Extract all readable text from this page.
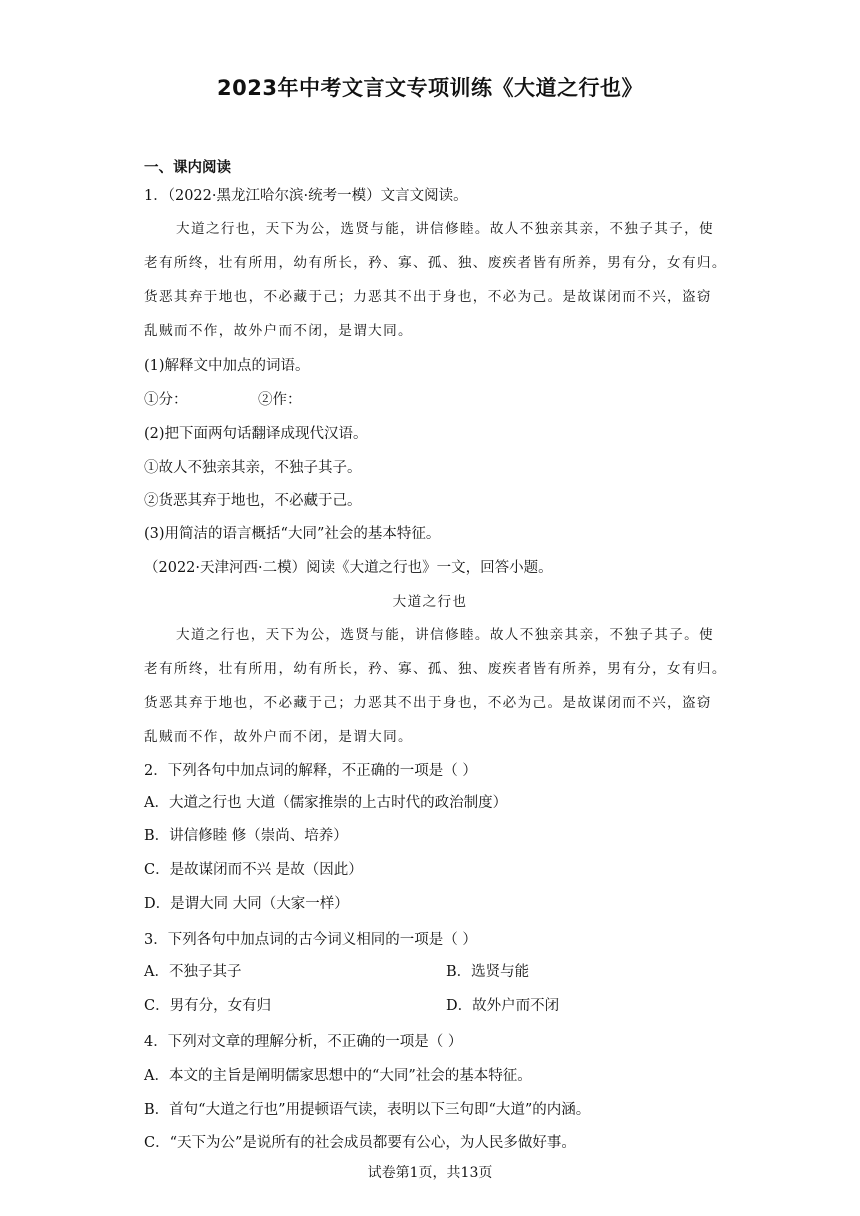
2023年中考文言文专项训练《大道之行也》
一、课内阅读
1．（2022·黑龙江哈尔滨·统考一模）文言文阅读。
大道之行也，天下为公，选贤与能，讲信修睦。故人不独亲其亲，不独子其子，使
老有所终，壮有所用，幼有所长，矜、寡、孤、独、废疾者皆有所养，男有分，女有归。
货恶其弃于地也，不必藏于己；力恶其不出于身也，不必为己。是故谋闭而不兴，盗窃
乱贼而不作，故外户而不闭，是谓大同。
(1)解释文中加点的词语。
①分：	②作：
(2)把下面两句话翻译成现代汉语。
①故人不独亲其亲，不独子其子。
②货恶其弃于地也，不必藏于己。
(3)用简洁的语言概括“大同”社会的基本特征。
（2022·天津河西·二模）阅读《大道之行也》一文，回答小题。
大道之行也
大道之行也，天下为公，选贤与能，讲信修睦。故人不独亲其亲，不独子其子。使
老有所终，壮有所用，幼有所长，矜、寡、孤、独、废疾者皆有所养，男有分，女有归。
货恶其弃于地也，不必藏于己；力恶其不出于身也，不必为己。是故谋闭而不兴，盗窃
乱贼而不作，故外户而不闭，是谓大同。
2．下列各句中加点词的解释，不正确的一项是（ ）
A．大道之行也 大道（儒家推崇的上古时代的政治制度）
B．讲信修睦 修（崇尚、培养）
C．是故谋闭而不兴 是故（因此）
D．是谓大同 大同（大家一样）
3．下列各句中加点词的古今词义相同的一项是（ ）
A．不独子其子	B．选贤与能
C．男有分，女有归	D．故外户而不闭
4．下列对文章的理解分析，不正确的一项是（ ）
A．本文的主旨是阐明儒家思想中的“大同”社会的基本特征。
B．首句“大道之行也”用提顿语气读，表明以下三句即“大道”的内涵。
C．“天下为公”是说所有的社会成员都要有公心，为人民多做好事。
试卷第1页，共13页
